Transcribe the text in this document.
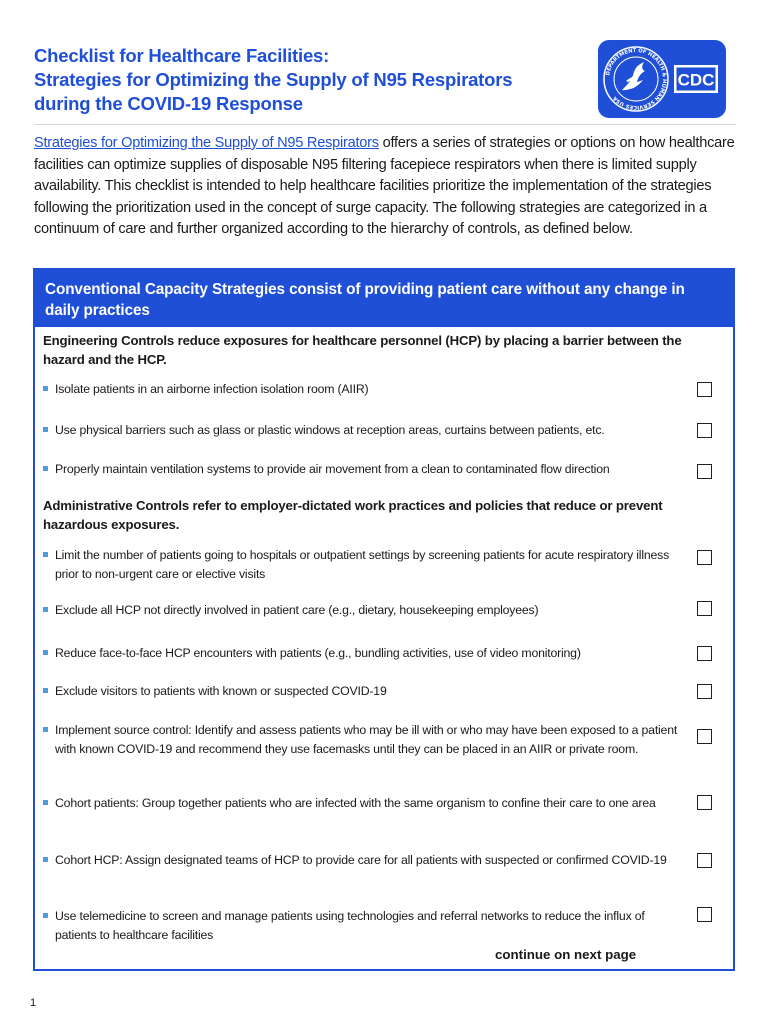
Checklist for Healthcare Facilities:
Strategies for Optimizing the Supply of N95 Respirators
during the COVID-19 Response
DEPARTMENT OF HEALTH & HUMAN SERVICES USA
CDC
Strategies for Optimizing the Supply of N95 Respirators offers a series of strategies or options on how healthcare facilities can optimize supplies of disposable N95 filtering facepiece respirators when there is limited supply availability. This checklist is intended to help healthcare facilities prioritize the implementation of the strategies following the prioritization used in the concept of surge capacity. The following strategies are categorized in a continuum of care and further organized according to the hierarchy of controls, as defined below.
Conventional Capacity Strategies consist of providing patient care without any change in daily practices
Engineering Controls reduce exposures for healthcare personnel (HCP) by placing a barrier between the hazard and the HCP.
Isolate patients in an airborne infection isolation room (AIIR)
Use physical barriers such as glass or plastic windows at reception areas, curtains between patients, etc.
Properly maintain ventilation systems to provide air movement from a clean to contaminated flow direction
Administrative Controls refer to employer-dictated work practices and policies that reduce or prevent hazardous exposures.
Limit the number of patients going to hospitals or outpatient settings by screening patients for acute respiratory illness prior to non-urgent care or elective visits
Exclude all HCP not directly involved in patient care (e.g., dietary, housekeeping employees)
Reduce face-to-face HCP encounters with patients (e.g., bundling activities, use of video monitoring)
Exclude visitors to patients with known or suspected COVID-19
Implement source control: Identify and assess patients who may be ill with or who may have been exposed to a patient with known COVID-19 and recommend they use facemasks until they can be placed in an AIIR or private room.
Cohort patients: Group together patients who are infected with the same organism to confine their care to one area
Cohort HCP: Assign designated teams of HCP to provide care for all patients with suspected or confirmed COVID-19
Use telemedicine to screen and manage patients using technologies and referral networks to reduce the influx of patients to healthcare facilities
continue on next page
1
